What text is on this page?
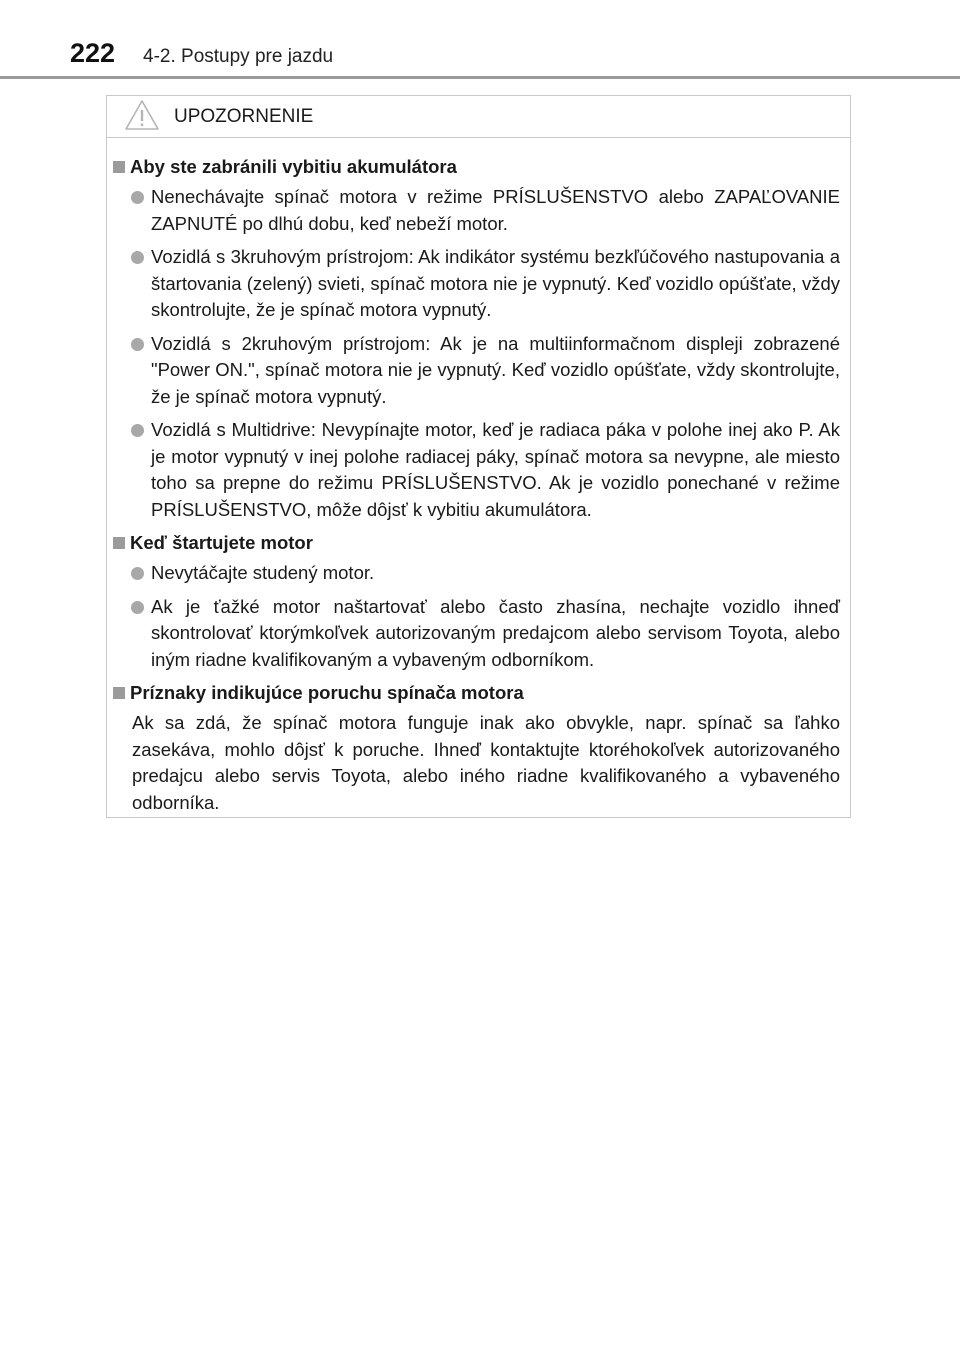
222 4-2. Postupy pre jazdu
UPOZORNENIE
Aby ste zabránili vybitiu akumulátora
Nenechávajte spínač motora v režime PRÍSLUŠENSTVO alebo ZAPAĽOVANIE ZAPNUTÉ po dlhú dobu, keď nebeží motor.
Vozidlá s 3kruhovým prístrojom: Ak indikátor systému bezkľúčového nastupovania a štartovania (zelený) svieti, spínač motora nie je vypnutý. Keď vozidlo opúšťate, vždy skontrolujte, že je spínač motora vypnutý.
Vozidlá s 2kruhovým prístrojom: Ak je na multiinformačnom displeji zobrazené "Power ON.", spínač motora nie je vypnutý. Keď vozidlo opúšťate, vždy skontrolujte, že je spínač motora vypnutý.
Vozidlá s Multidrive: Nevypínajte motor, keď je radiaca páka v polohe inej ako P. Ak je motor vypnutý v inej polohe radiacej páky, spínač motora sa nevypne, ale miesto toho sa prepne do režimu PRÍSLUŠENSTVO. Ak je vozidlo ponechané v režime PRÍSLUŠENSTVO, môže dôjsť k vybitiu akumulátora.
Keď štartujete motor
Nevytáčajte studený motor.
Ak je ťažké motor naštartovať alebo často zhasína, nechajte vozidlo ihneď skontrolovať ktorýmkoľvek autorizovaným predajcom alebo servisom Toyota, alebo iným riadne kvalifikovaným a vybaveným odborníkom.
Príznaky indikujúce poruchu spínača motora

Ak sa zdá, že spínač motora funguje inak ako obvykle, napr. spínač sa ľahko zasekáva, mohlo dôjsť k poruche. Ihneď kontaktujte ktoréhokoľvek autorizovaného predajcu alebo servis Toyota, alebo iného riadne kvalifikovaného a vybaveného odborníka.
